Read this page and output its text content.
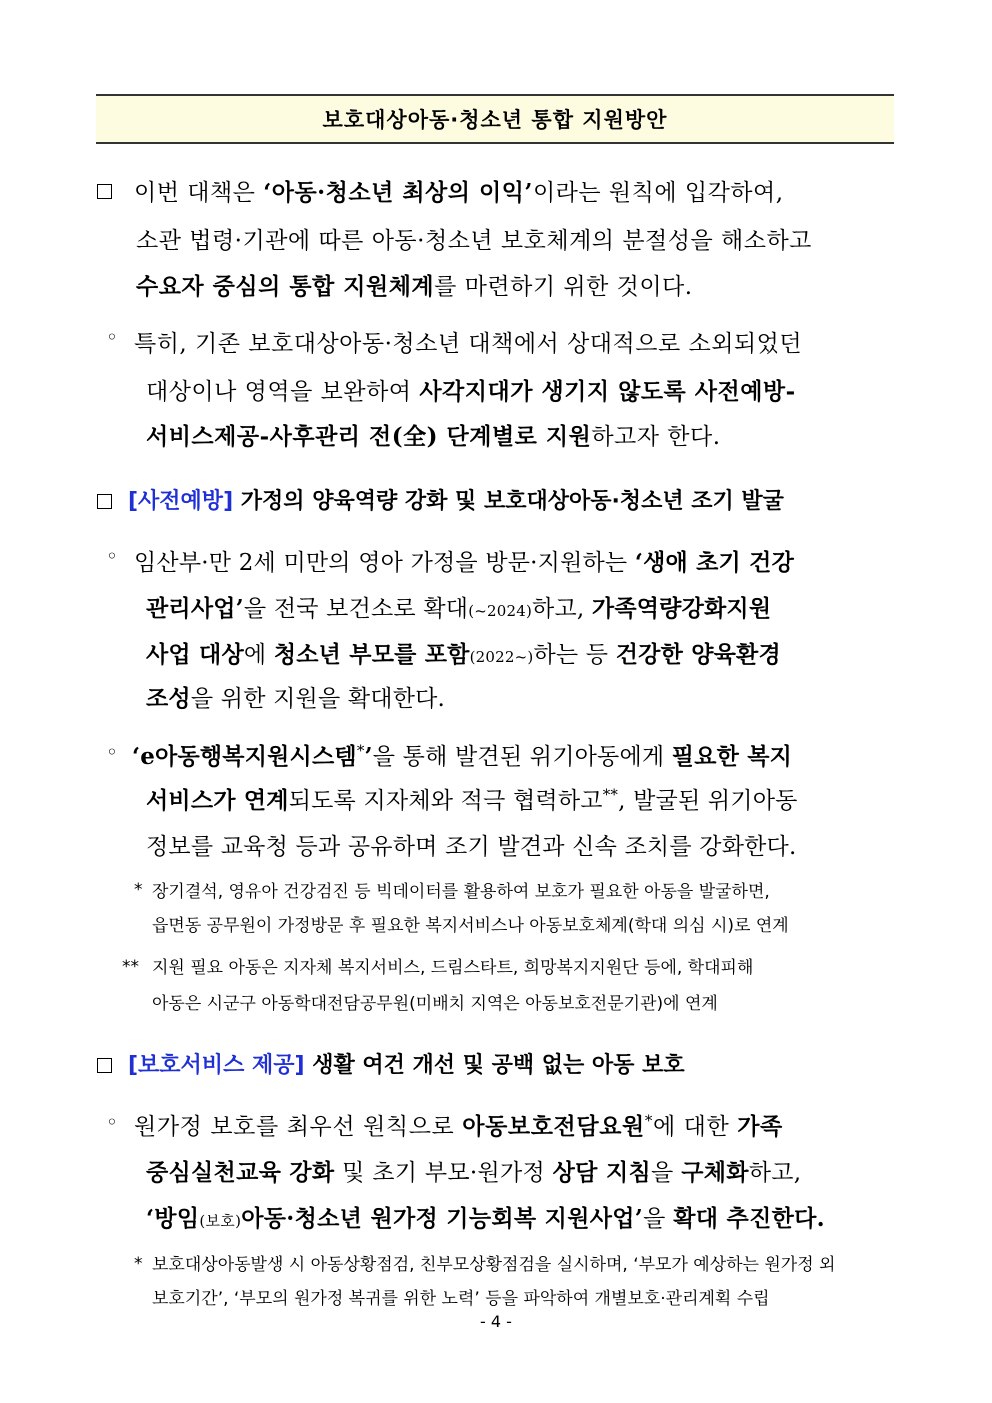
보호대상아동·청소년 통합 지원방안
이번 대책은 ‘아동·청소년 최상의 이익’이라는 원칙에 입각하여,
소관 법령·기관에 따른 아동·청소년 보호체계의 분절성을 해소하고
수요자 중심의 통합 지원체계를 마련하기 위한 것이다.
◦ 특히, 기존 보호대상아동·청소년 대책에서 상대적으로 소외되었던
대상이나 영역을 보완하여 사각지대가 생기지 않도록 사전예방-
서비스제공-사후관리 전(全) 단계별로 지원하고자 한다.
[사전예방] 가정의 양육역량 강화 및 보호대상아동·청소년 조기 발굴
◦ 임산부·만 2세 미만의 영아 가정을 방문·지원하는 ‘생애 초기 건강
관리사업’을 전국 보건소로 확대(~2024)하고, 가족역량강화지원
사업 대상에 청소년 부모를 포함(2022~)하는 등 건강한 양육환경
조성을 위한 지원을 확대한다.
◦ ‘e아동행복지원시스템*’을 통해 발견된 위기아동에게 필요한 복지
서비스가 연계되도록 지자체와 적극 협력하고**, 발굴된 위기아동
정보를 교육청 등과 공유하며 조기 발견과 신속 조치를 강화한다.
* 장기결석, 영유아 건강검진 등 빅데이터를 활용하여 보호가 필요한 아동을 발굴하면,
읍면동 공무원이 가정방문 후 필요한 복지서비스나 아동보호체계(학대 의심 시)로 연계
** 지원 필요 아동은 지자체 복지서비스, 드림스타트, 희망복지지원단 등에, 학대피해
아동은 시군구 아동학대전담공무원(미배치 지역은 아동보호전문기관)에 연계
[보호서비스 제공] 생활 여건 개선 및 공백 없는 아동 보호
◦ 원가정 보호를 최우선 원칙으로 아동보호전담요원*에 대한 가족
중심실천교육 강화 및 초기 부모·원가정 상담 지침을 구체화하고,
‘방임(보호)아동·청소년 원가정 기능회복 지원사업’을 확대 추진한다.
* 보호대상아동발생 시 아동상황점검, 친부모상황점검을 실시하며, ‘부모가 예상하는 원가정 외
보호기간’, ‘부모의 원가정 복귀를 위한 노력’ 등을 파악하여 개별보호·관리계획 수립
- 4 -
